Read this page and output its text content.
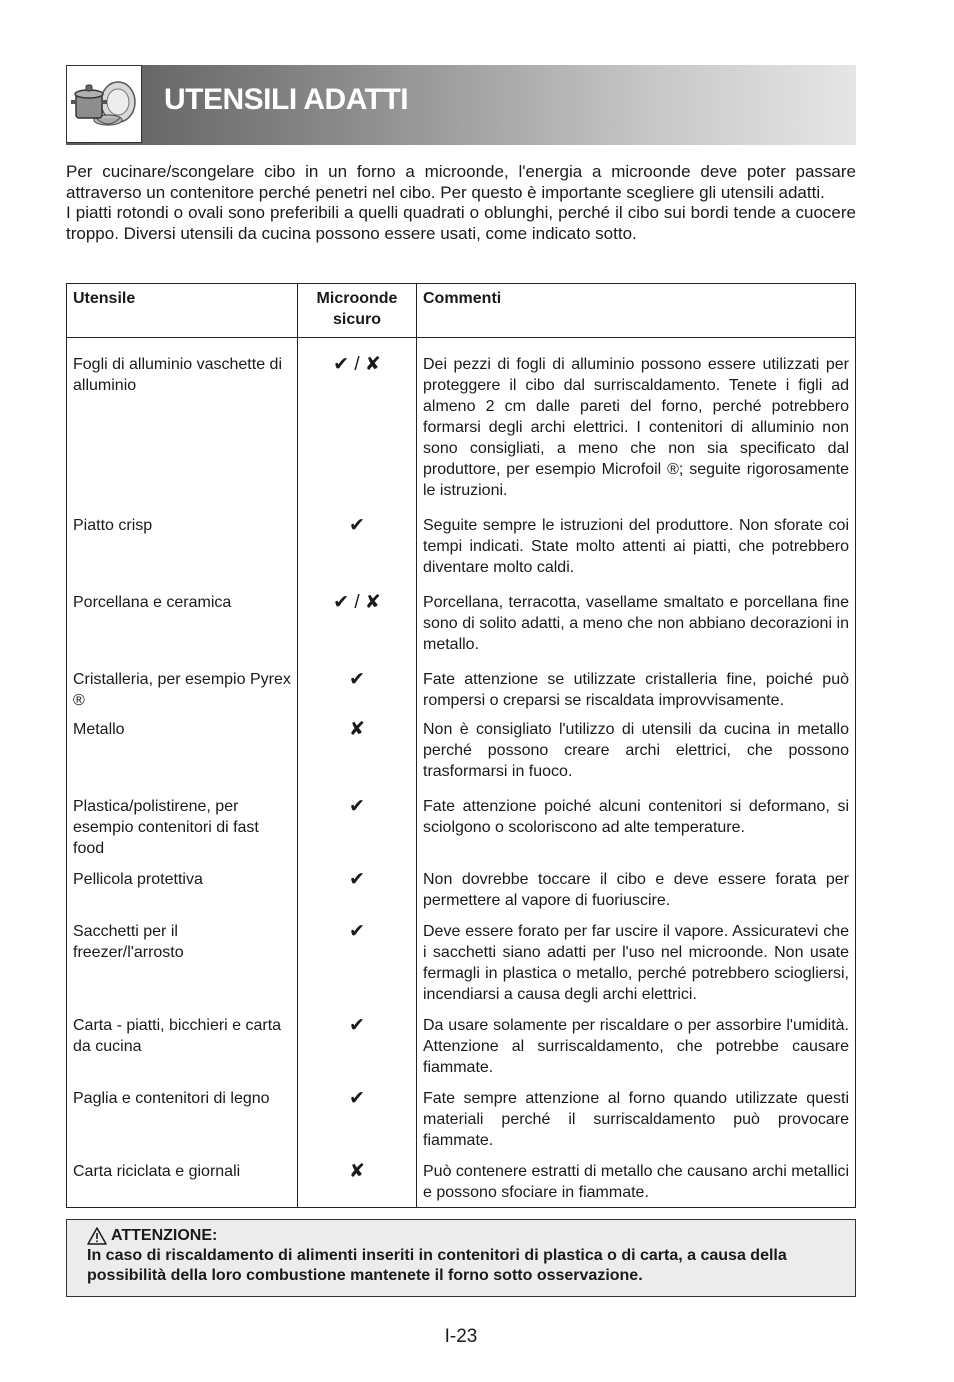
UTENSILI ADATTI

Per cucinare/scongelare cibo in un forno a microonde, l'energia a microonde deve poter passare attraverso un contenitore perché penetri nel cibo. Per questo è importante scegliere gli utensili adatti.

I piatti rotondi o ovali sono preferibili a quelli quadrati o oblunghi, perché il cibo sui bordi tende a cuocere troppo. Diversi utensili da cucina possono essere usati, come indicato sotto.

Utensile	Microonde sicuro	Commenti
Fogli di alluminio vaschette di alluminio	✔ / ✘	Dei pezzi di fogli di alluminio possono essere utilizzati per proteggere il cibo dal surriscaldamento. Tenete i figli ad almeno 2 cm dalle pareti del forno, perché potrebbero formarsi degli archi elettrici. I contenitori di alluminio non sono consigliati, a meno che non sia specificato dal produttore, per esempio Microfoil ®; seguite rigorosamente le istruzioni.
Piatto crisp	✔	Seguite sempre le istruzioni del produttore. Non sforate coi tempi indicati. State molto attenti ai piatti, che potrebbero diventare molto caldi.
Porcellana e ceramica	✔ / ✘	Porcellana, terracotta, vasellame smaltato e porcellana fine sono di solito adatti, a meno che non abbiano decorazioni in metallo.
Cristalleria, per esempio Pyrex ®	✔	Fate attenzione se utilizzate cristalleria fine, poiché può rompersi o creparsi se riscaldata improvvisamente.
Metallo	✘	Non è consigliato l'utilizzo di utensili da cucina in metallo perché possono creare archi elettrici, che possono trasformarsi in fuoco.
Plastica/polistirene, per esempio contenitori di fast food	✔	Fate attenzione poiché alcuni contenitori si deformano, si sciolgono o scoloriscono ad alte temperature.
Pellicola protettiva	✔	Non dovrebbe toccare il cibo e deve essere forata per permettere al vapore di fuoriuscire.
Sacchetti per il freezer/l'arrosto	✔	Deve essere forato per far uscire il vapore. Assicuratevi che i sacchetti siano adatti per l'uso nel microonde. Non usate fermagli in plastica o metallo, perché potrebbero sciogliersi, incendiarsi a causa degli archi elettrici.
Carta - piatti, bicchieri e carta da cucina	✔	Da usare solamente per riscaldare o per assorbire l'umidità. Attenzione al surriscaldamento, che potrebbe causare fiammate.
Paglia e contenitori di legno	✔	Fate sempre attenzione al forno quando utilizzate questi materiali perché il surriscaldamento può provocare fiammate.
Carta riciclata e giornali	✘	Può contenere estratti di metallo che causano archi metallici e possono sfociare in fiammate.
ATTENZIONE:
In caso di riscaldamento di alimenti inseriti in contenitori di plastica o di carta, a causa della possibilità della loro combustione mantenete il forno sotto osservazione.
I-23
